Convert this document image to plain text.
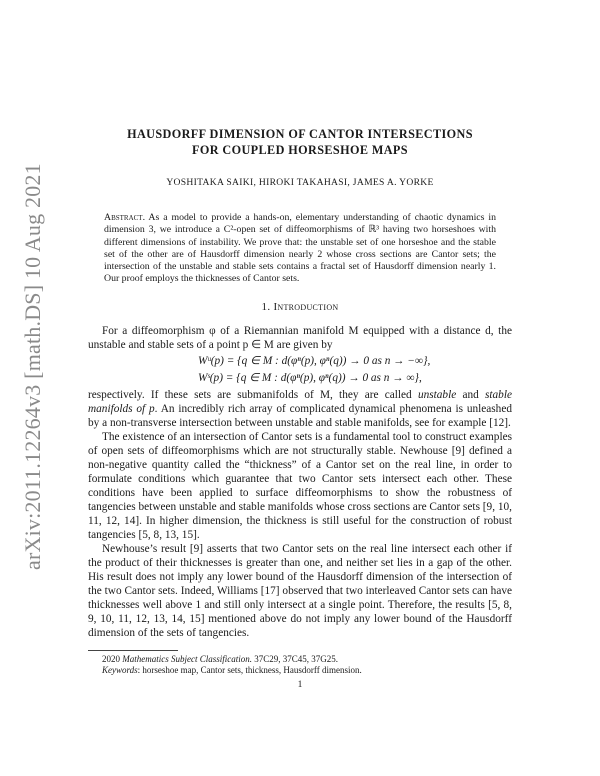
arXiv:2011.12264v3 [math.DS] 10 Aug 2021
HAUSDORFF DIMENSION OF CANTOR INTERSECTIONS
FOR COUPLED HORSESHOE MAPS
YOSHITAKA SAIKI, HIROKI TAKAHASI, JAMES A. YORKE
Abstract. As a model to provide a hands-on, elementary understanding of chaotic dynamics in dimension 3, we introduce a C²-open set of diffeomorphisms of ℝ³ having two horseshoes with different dimensions of instability. We prove that: the unstable set of one horseshoe and the stable set of the other are of Hausdorff dimension nearly 2 whose cross sections are Cantor sets; the intersection of the unstable and stable sets contains a fractal set of Hausdorff dimension nearly 1. Our proof employs the thicknesses of Cantor sets.
1. Introduction

For a diffeomorphism φ of a Riemannian manifold M equipped with a distance d, the unstable and stable sets of a point p ∈ M are given by

Wᵘ(p) = {q ∈ M : d(φⁿ(p), φⁿ(q)) → 0 as n → −∞},
Wˢ(p) = {q ∈ M : d(φⁿ(p), φⁿ(q)) → 0 as n → ∞},

respectively. If these sets are submanifolds of M, they are called unstable and stable manifolds of p. An incredibly rich array of complicated dynamical phenomena is unleashed by a non-transverse intersection between unstable and stable manifolds, see for example [12].

The existence of an intersection of Cantor sets is a fundamental tool to construct examples of open sets of diffeomorphisms which are not structurally stable. Newhouse [9] defined a non-negative quantity called the “thickness” of a Cantor set on the real line, in order to formulate conditions which guarantee that two Cantor sets intersect each other. These conditions have been applied to surface diffeomorphisms to show the robustness of tangencies between unstable and stable manifolds whose cross sections are Cantor sets [9, 10, 11, 12, 14]. In higher dimension, the thickness is still useful for the construction of robust tangencies [5, 8, 13, 15].

Newhouse’s result [9] asserts that two Cantor sets on the real line intersect each other if the product of their thicknesses is greater than one, and neither set lies in a gap of the other. His result does not imply any lower bound of the Hausdorff dimension of the intersection of the two Cantor sets. Indeed, Williams [17] observed that two interleaved Cantor sets can have thicknesses well above 1 and still only intersect at a single point. Therefore, the results [5, 8, 9, 10, 11, 12, 13, 14, 15] mentioned above do not imply any lower bound of the Hausdorff dimension of the sets of tangencies.

2020 Mathematics Subject Classification. 37C29, 37C45, 37G25.
Keywords: horseshoe map, Cantor sets, thickness, Hausdorff dimension.
1
